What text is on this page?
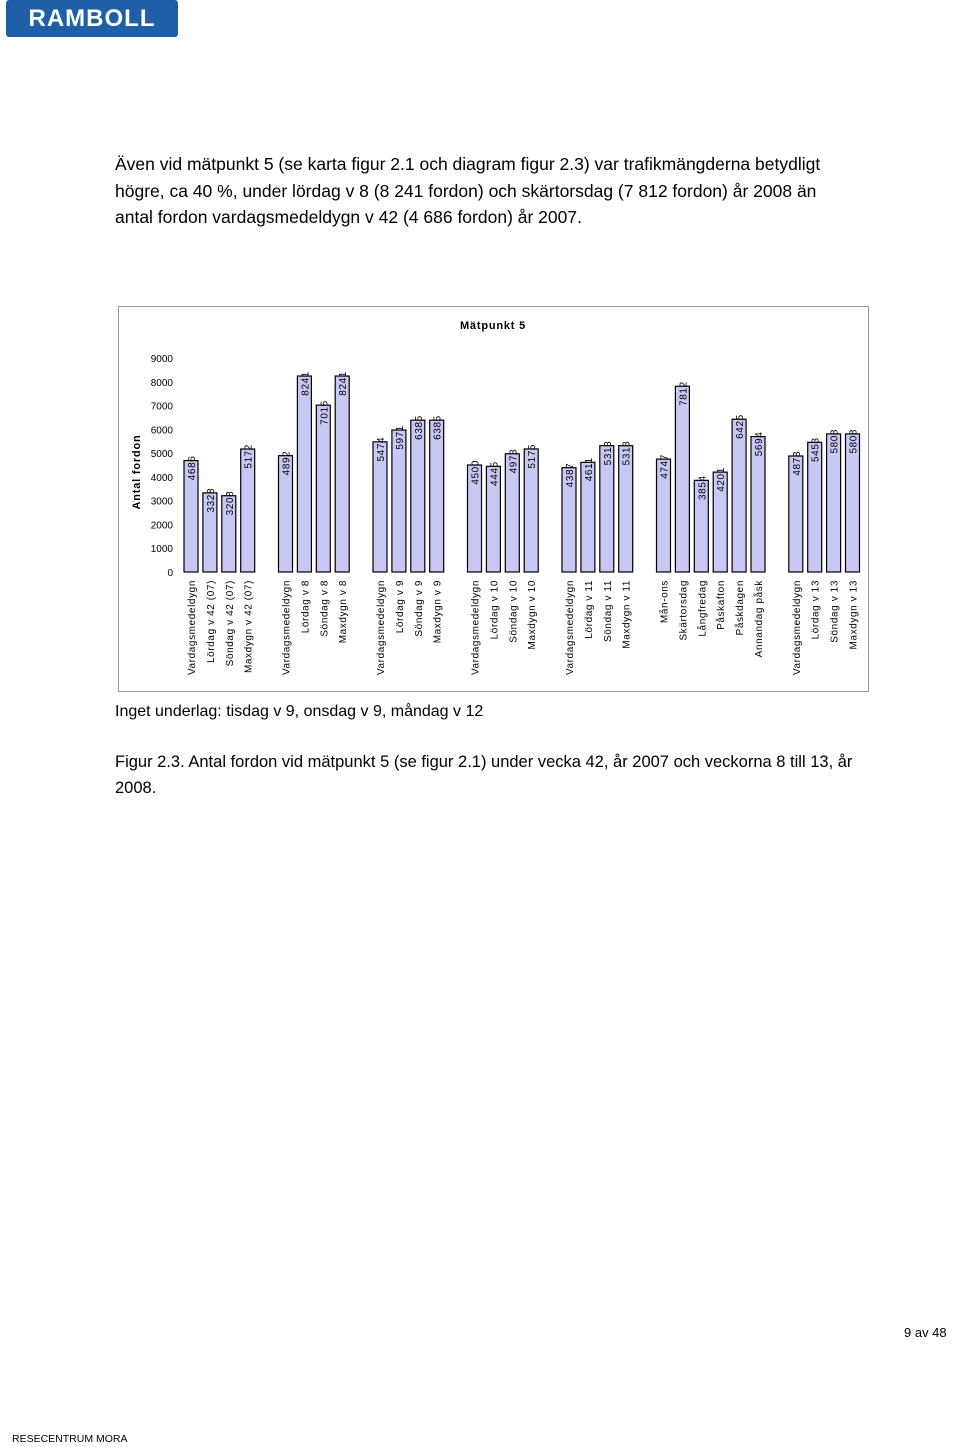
RAMBOLL

Även vid mätpunkt 5 (se karta figur 2.1 och diagram figur 2.3) var trafikmängderna betydligt högre, ca 40 %, under lördag v 8 (8 241 fordon) och skärtorsdag (7 812 fordon) år 2008 än antal fordon vardagsmedeldygn v 42 (4 686 fordon) år 2007.

Mätpunkt 5
Antal fordon
0
1000
2000
3000
4000
5000
6000
7000
8000
9000
4686
Vardagsmedeldygn
3328
Lördag v 42 (07)
3208
Söndag v 42 (07)
5172
Maxdygn v 42 (07)
4892
Vardagsmedeldygn
8241
Lördag v 8
7016
Söndag v 8
8241
Maxdygn v 8
5474
Vardagsmedeldygn
5971
Lördag v 9
6385
Söndag v 9
6385
Maxdygn v 9
4500
Vardagsmedeldygn
4445
Lördag v 10
4973
Söndag v 10
5175
Maxdygn v 10
4387
Vardagsmedeldygn
4611
Lördag v 11
5313
Söndag v 11
5313
Maxdygn v 11
4747
Mån-ons
7812
Skärtorsdag
3854
Långfredag
4201
Påskafton
6425
Påskdagen
5694
Annandag påsk
4878
Vardagsmedeldygn
5453
Lördag v 13
5808
Söndag v 13
5808
Maxdygn v 13
Inget underlag: tisdag v 9, onsdag v 9, måndag v 12

Figur 2.3. Antal fordon vid mätpunkt 5 (se figur 2.1) under vecka 42, år 2007 och veckorna 8 till 13, år 2008.

9 av 48
RESECENTRUM MORA
